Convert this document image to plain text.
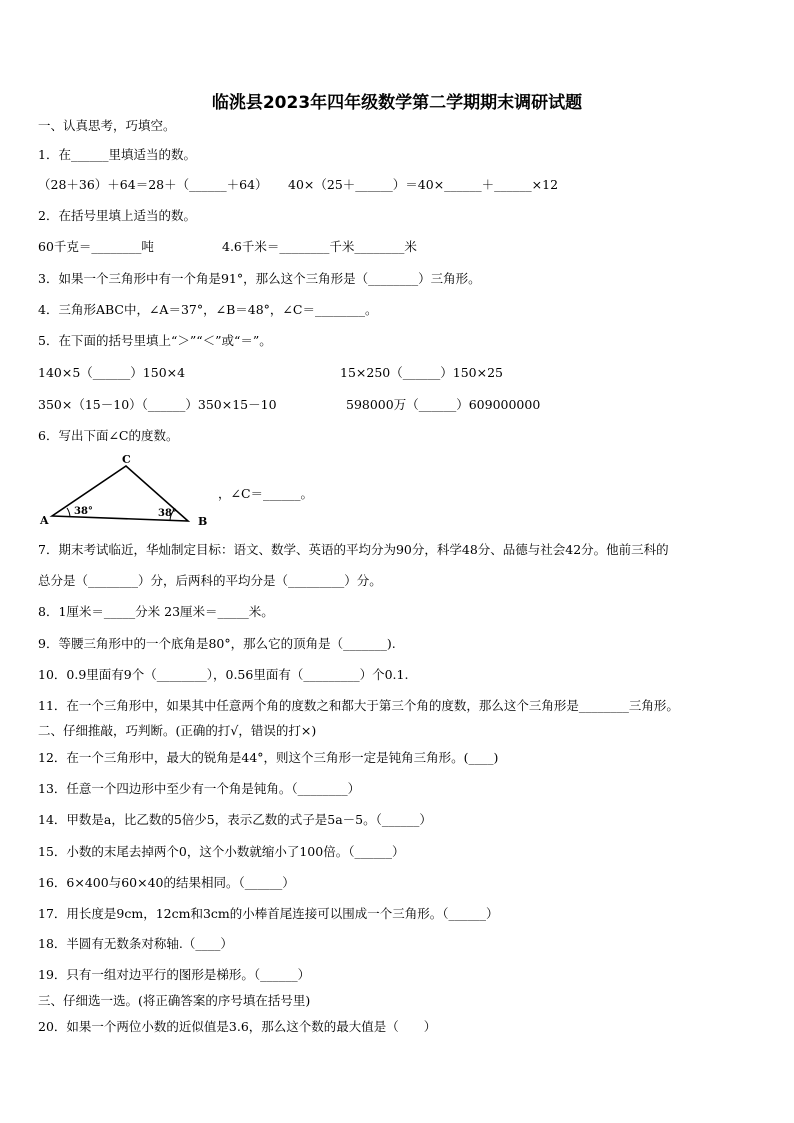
临洮县2023年四年级数学第二学期期末调研试题
一、认真思考，巧填空。
1．在______里填适当的数。
（28＋36）＋64＝28＋（______＋64） 40×（25＋______）＝40×______＋______×12
2．在括号里填上适当的数。
60千克＝________吨	4.6千米＝________千米________米
3．如果一个三角形中有一个角是91°，那么这个三角形是（________）三角形。
4．三角形ABC中，∠A＝37°，∠B＝48°，∠C＝________。
5．在下面的括号里填上“＞”“＜”或“＝”。
140×5（______）150×4	15×250（______）150×25
350×（15－10）（______）350×15－10	598000万（______）609000000
6．写出下面∠C的度数。
A	B
C
38°	38°
，∠C＝______。
7．期末考试临近，华灿制定目标：语文、数学、英语的平均分为90分，科学48分、品德与社会42分。他前三科的
总分是（________）分，后两科的平均分是（_________）分。
8．1厘米＝_____分米 23厘米＝_____米。
9．等腰三角形中的一个底角是80°，那么它的顶角是（_______).
10．0.9里面有9个（________），0.56里面有（_________）个0.1.
11．在一个三角形中，如果其中任意两个角的度数之和都大于第三个角的度数，那么这个三角形是________三角形。
二、仔细推敲，巧判断。(正确的打√，错误的打×)
12．在一个三角形中，最大的锐角是44°，则这个三角形一定是钝角三角形。(____)
13．任意一个四边形中至少有一个角是钝角。（________）
14．甲数是a，比乙数的5倍少5，表示乙数的式子是5a－5。（______）
15．小数的末尾去掉两个0，这个小数就缩小了100倍。（______）
16．6×400与60×40的结果相同。（______）
17．用长度是9cm，12cm和3cm的小棒首尾连接可以围成一个三角形。（______）
18．半圆有无数条对称轴.（____）
19．只有一组对边平行的图形是梯形。（______）
三、仔细选一选。(将正确答案的序号填在括号里)
20．如果一个两位小数的近似值是3.6，那么这个数的最大值是（　　）
